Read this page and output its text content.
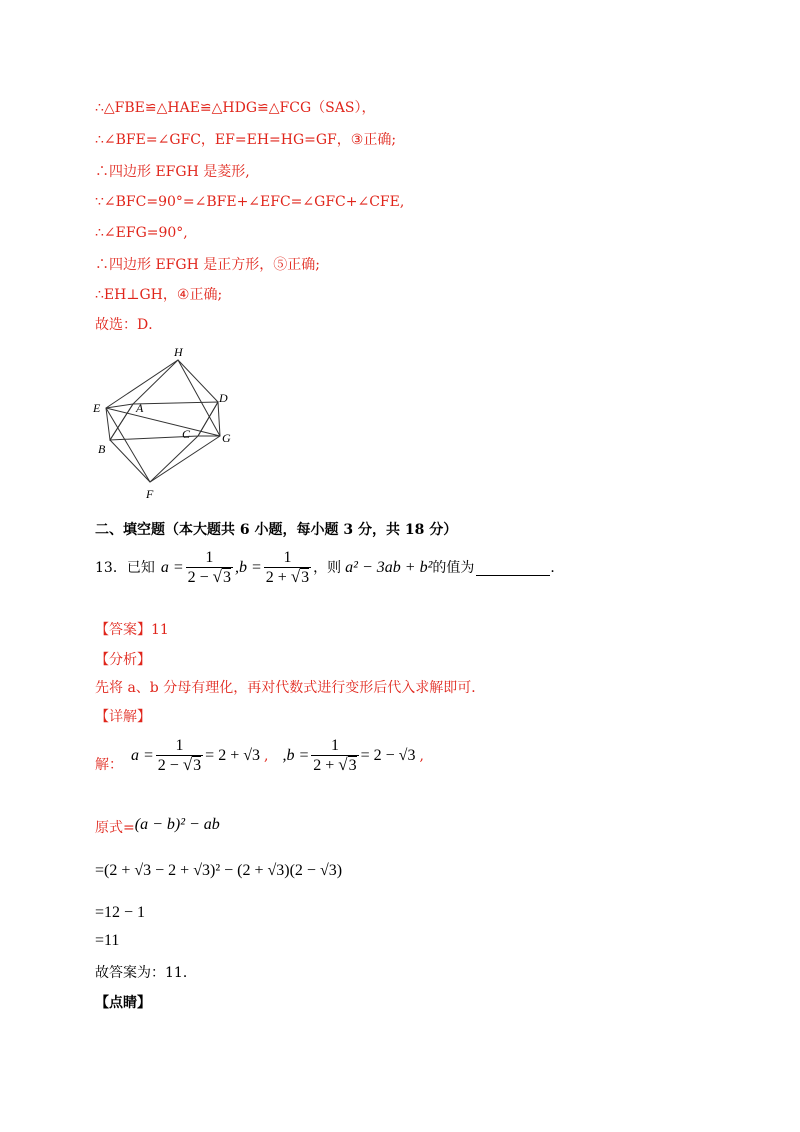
∴△FBE≌△HAE≌△HDG≌△FCG（SAS），
∴∠BFE=∠GFC，EF=EH=HG=GF，③正确;
∴四边形 EFGH 是菱形,
∵∠BFC=90°=∠BFE+∠EFC=∠GFC+∠CFE,
∴∠EFG=90°,
∴四边形 EFGH 是正方形，⑤正确;
∴EH⊥GH，④正确;
故选：D．
H
D
E	A
C	G
B
F
二、填空题（本大题共 6 小题，每小题 3 分，共 18 分）
13．已知 $a = \frac{1}{2 - √3} ,b = \frac{1}{2 + √3}$ ，则 a² − 3ab + b² 的值为	．
【答案】11
【分析】
先将 a、b 分母有理化，再对代数式进行变形后代入求解即可．
【详解】
解：
$a = \frac{1}{2 - √3} = 2 + √3$ , $,b = \frac{1}{2 + √3} = 2 - √3$ ,
原式= (a − b)² − ab
=(2 + √3 − 2 + √3)² − (2 + √3)(2 − √3)
=12 − 1
=11
故答案为：11．
【点睛】
